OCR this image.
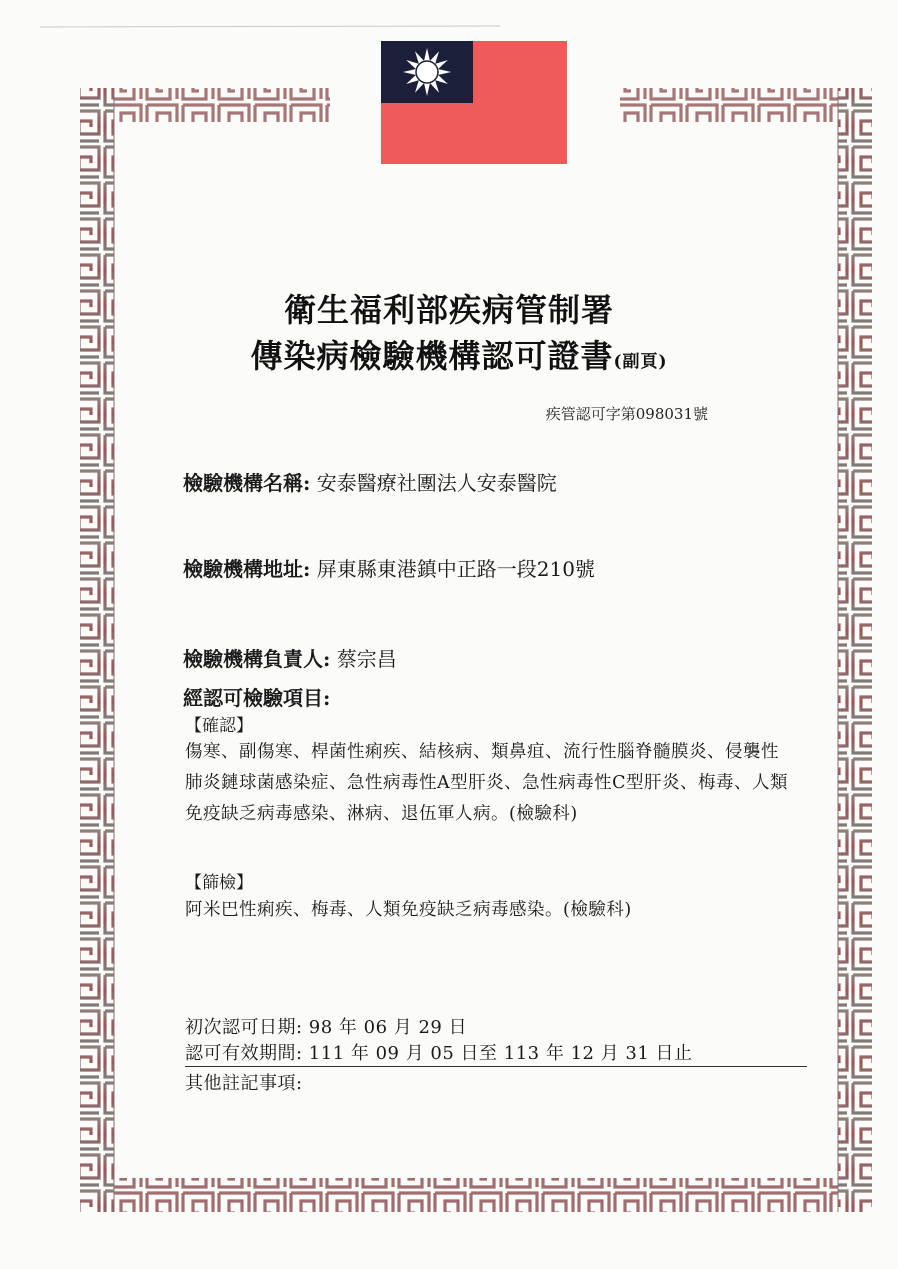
衛生福利部疾病管制署
傳染病檢驗機構認可證書(副頁)
疾管認可字第098031號
檢驗機構名稱: 安泰醫療社團法人安泰醫院
檢驗機構地址: 屏東縣東港鎮中正路一段210號
檢驗機構負責人: 蔡宗昌
經認可檢驗項目:
【確認】
傷寒、副傷寒、桿菌性痢疾、結核病、類鼻疽、流行性腦脊髓膜炎、侵襲性肺炎鏈球菌感染症、急性病毒性A型肝炎、急性病毒性C型肝炎、梅毒、人類免疫缺乏病毒感染、淋病、退伍軍人病。(檢驗科)
【篩檢】
阿米巴性痢疾、梅毒、人類免疫缺乏病毒感染。(檢驗科)
初次認可日期: 98 年 06 月 29 日
認可有效期間: 111 年 09 月 05 日至 113 年 12 月 31 日止
其他註記事項:
